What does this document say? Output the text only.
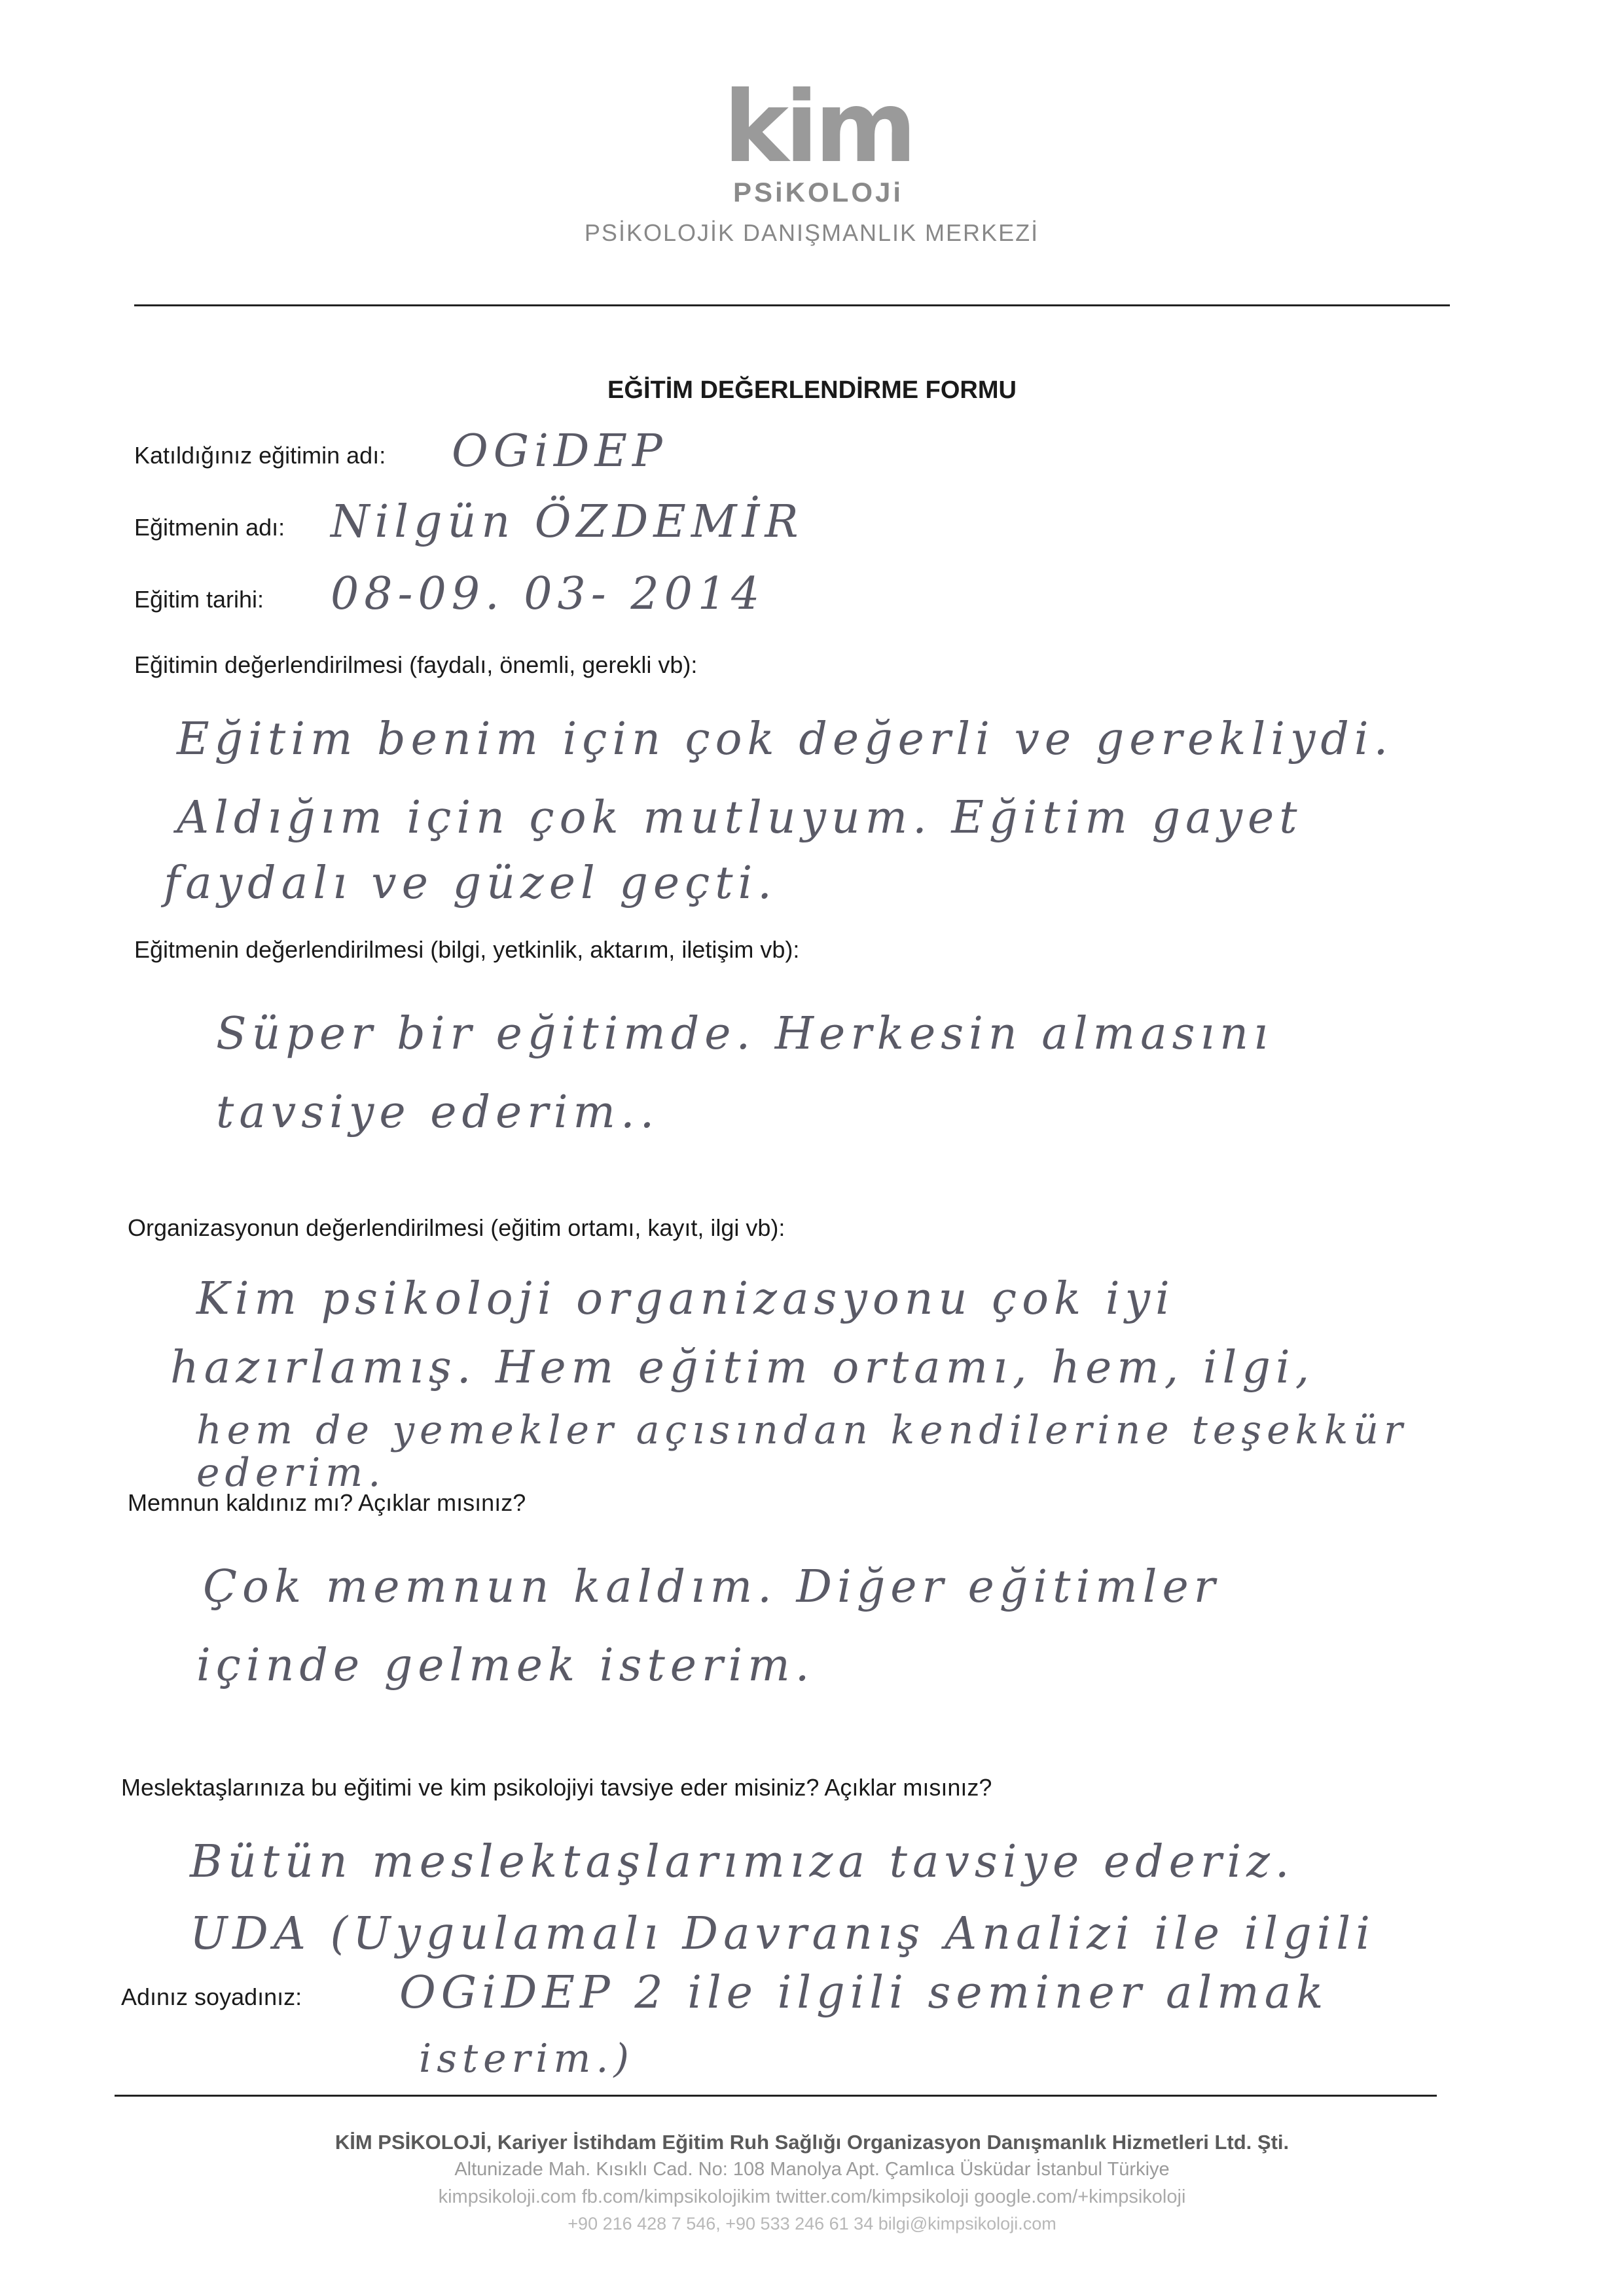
kim
PSiKOLOJi
PSİKOLOJİK DANIŞMANLIK MERKEZİ
EĞİTİM DEĞERLENDİRME FORMU
Katıldığınız eğitimin adı: OGiDEP
Eğitmenin adı: Nilgün ÖZDEMİR
Eğitim tarihi: 08-09. 03- 2014
Eğitimin değerlendirilmesi (faydalı, önemli, gerekli vb):
Eğitim benim için çok değerli ve gerekliydi.
Aldığım için çok mutluyum. Eğitim gayet
faydalı ve güzel geçti.
Eğitmenin değerlendirilmesi (bilgi, yetkinlik, aktarım, iletişim vb):
Süper bir eğitimde. Herkesin almasını
tavsiye ederim..
Organizasyonun değerlendirilmesi (eğitim ortamı, kayıt, ilgi vb):
Kim psikoloji organizasyonu çok iyi
hazırlamış. Hem eğitim ortamı, hem, ilgi,
hem de yemekler açısından kendilerine teşekkür
ederim.
Memnun kaldınız mı? Açıklar mısınız?
Çok memnun kaldım. Diğer eğitimler
içinde gelmek isterim.
Meslektaşlarınıza bu eğitimi ve kim psikolojiyi tavsiye eder misiniz? Açıklar mısınız?
Bütün meslektaşlarımıza tavsiye ederiz.
UDA (Uygulamalı Davranış Analizi ile ilgili
Adınız soyadınız: OGiDEP 2 ile ilgili seminer almak
isterim.)
KİM PSİKOLOJİ, Kariyer İstihdam Eğitim Ruh Sağlığı Organizasyon Danışmanlık Hizmetleri Ltd. Şti.
Altunizade Mah. Kısıklı Cad. No: 108 Manolya Apt. Çamlıca Üsküdar İstanbul Türkiye
kimpsikoloji.com fb.com/kimpsikolojikim twitter.com/kimpsikoloji google.com/+kimpsikoloji
+90 216 428 7 546, +90 533 246 61 34 bilgi@kimpsikoloji.com
